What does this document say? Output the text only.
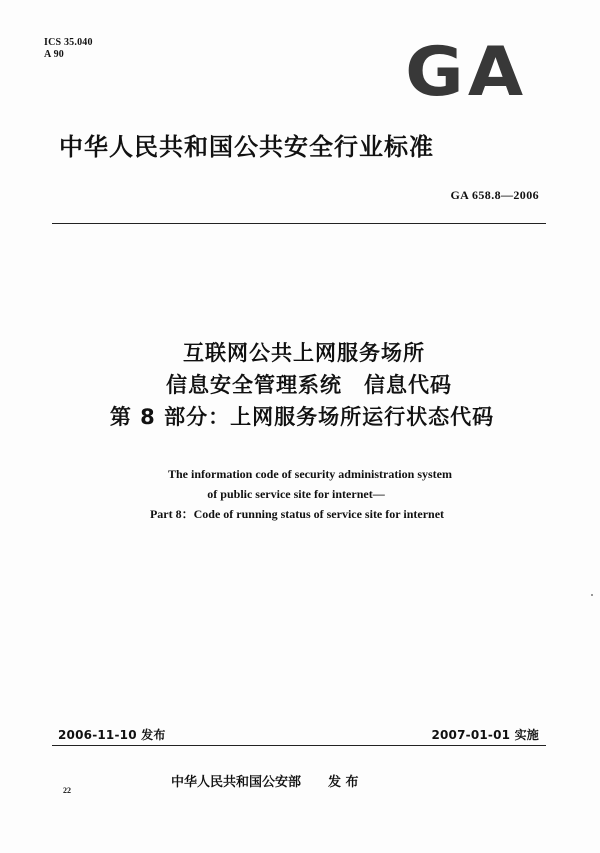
ICS 35.040
A 90	GA
中华人民共和国公共安全行业标准
GA 658.8—2006
互联网公共上网服务场所
信息安全管理系统　信息代码
第 8 部分：上网服务场所运行状态代码
The information code of security administration system
of public service site for internet—
Part 8：Code of running status of service site for internet
2006-11-10 发布	2007-01-01 实施
中华人民共和国公安部 发 布
22
